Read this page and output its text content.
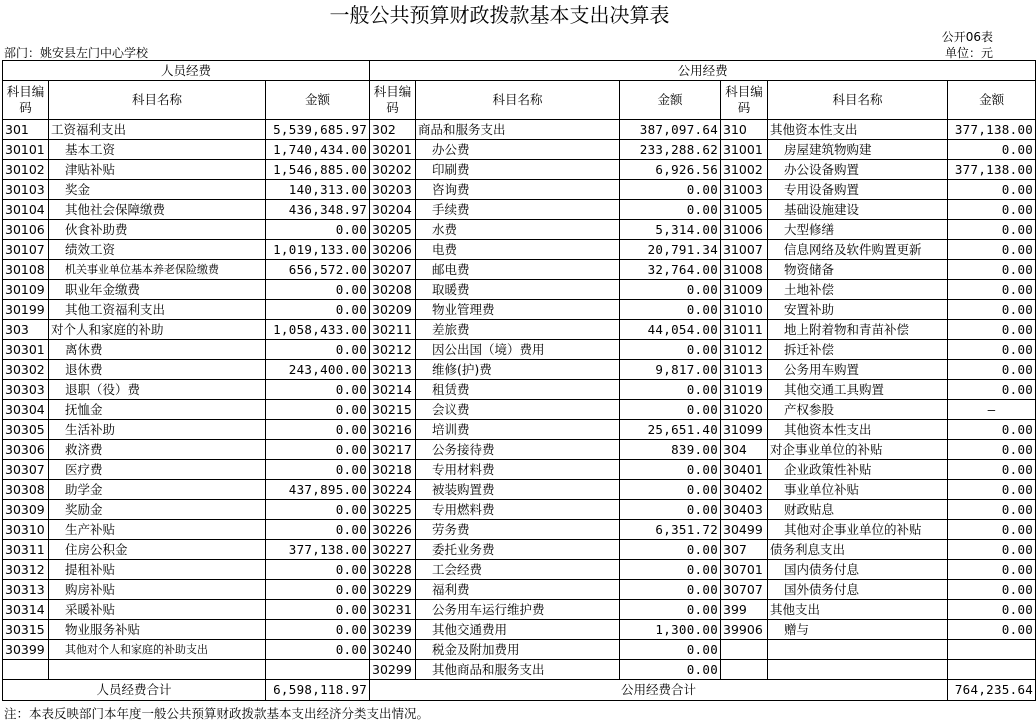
一般公共预算财政拨款基本支出决算表
公开06表
部门：姚安县左门中心学校	单位：元
人员经费			公用经费					
科目编码	科目名称	金额	科目编码	科目名称	金额	科目编码	科目名称	金额
301	工资福利支出	5,539,685.97	302	商品和服务支出	387,097.64	310	其他资本性支出	377,138.00
30101	基本工资	1,740,434.00	30201	办公费	233,288.62	31001	房屋建筑物购建	0.00
30102	津贴补贴	1,546,885.00	30202	印刷费	6,926.56	31002	办公设备购置	377,138.00
30103	奖金	140,313.00	30203	咨询费	0.00	31003	专用设备购置	0.00
30104	其他社会保障缴费	436,348.97	30204	手续费	0.00	31005	基础设施建设	0.00
30106	伙食补助费	0.00	30205	水费	5,314.00	31006	大型修缮	0.00
30107	绩效工资	1,019,133.00	30206	电费	20,791.34	31007	信息网络及软件购置更新	0.00
30108	机关事业单位基本养老保险缴费	656,572.00	30207	邮电费	32,764.00	31008	物资储备	0.00
30109	职业年金缴费	0.00	30208	取暖费	0.00	31009	土地补偿	0.00
30199	其他工资福利支出	0.00	30209	物业管理费	0.00	31010	安置补助	0.00
303	对个人和家庭的补助	1,058,433.00	30211	差旅费	44,054.00	31011	地上附着物和青苗补偿	0.00
30301	离休费	0.00	30212	因公出国（境）费用	0.00	31012	拆迁补偿	0.00
30302	退休费	243,400.00	30213	维修(护)费	9,817.00	31013	公务用车购置	0.00
30303	退职（役）费	0.00	30214	租赁费	0.00	31019	其他交通工具购置	0.00
30304	抚恤金	0.00	30215	会议费	0.00	31020	产权参股	—
30305	生活补助	0.00	30216	培训费	25,651.40	31099	其他资本性支出	0.00
30306	救济费	0.00	30217	公务接待费	839.00	304	对企事业单位的补贴	0.00
30307	医疗费	0.00	30218	专用材料费	0.00	30401	企业政策性补贴	0.00
30308	助学金	437,895.00	30224	被装购置费	0.00	30402	事业单位补贴	0.00
30309	奖励金	0.00	30225	专用燃料费	0.00	30403	财政贴息	0.00
30310	生产补贴	0.00	30226	劳务费	6,351.72	30499	其他对企事业单位的补贴	0.00
30311	住房公积金	377,138.00	30227	委托业务费	0.00	307	债务利息支出	0.00
30312	提租补贴	0.00	30228	工会经费	0.00	30701	国内债务付息	0.00
30313	购房补贴	0.00	30229	福利费	0.00	30707	国外债务付息	0.00
30314	采暖补贴	0.00	30231	公务用车运行维护费	0.00	399	其他支出	0.00
30315	物业服务补贴	0.00	30239	其他交通费用	1,300.00	39906	赠与	0.00
30399	其他对个人和家庭的补助支出	0.00	30240	税金及附加费用	0.00			
			30299	其他商品和服务支出	0.00			
人员经费合计		6,598,118.97	公用经费合计					764,235.64
注：本表反映部门本年度一般公共预算财政拨款基本支出经济分类支出情况。
